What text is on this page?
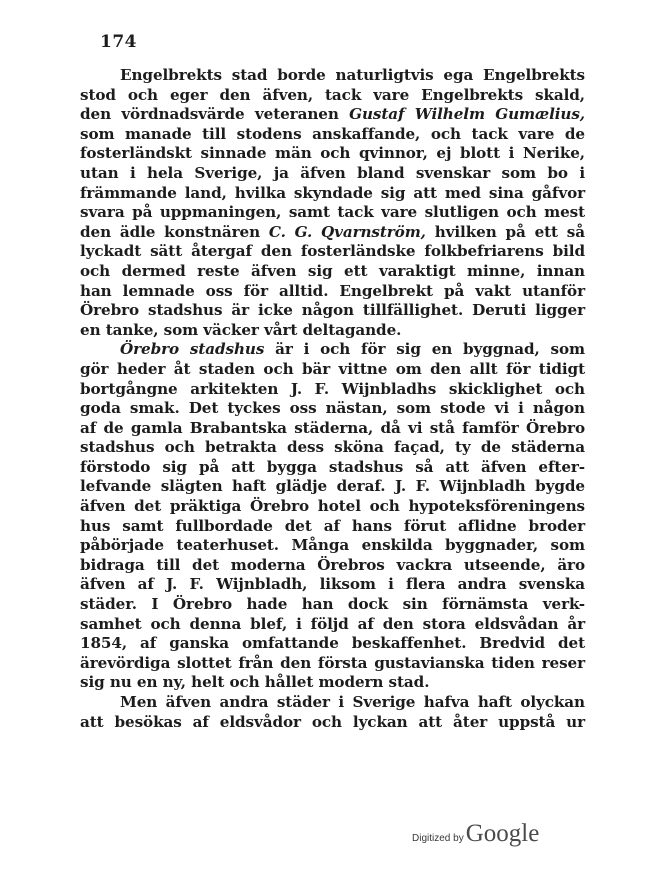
174
Engelbrekts stad borde naturligtvis ega Engelbrekts
stod och eger den äfven, tack vare Engelbrekts skald,
den vördnadsvärde veteranen Gustaf Wilhelm Gumælius,
som manade till stodens anskaffande, och tack vare de
fosterländskt sinnade män och qvinnor, ej blott i Nerike,
utan i hela Sverige, ja äfven bland svenskar som bo i
främmande land, hvilka skyndade sig att med sina gåfvor
svara på uppmaningen, samt tack vare slutligen och mest
den ädle konstnären C. G. Qvarnström, hvilken på ett så
lyckadt sätt återgaf den fosterländske folkbefriarens bild
och dermed reste äfven sig ett varaktigt minne, innan
han lemnade oss för alltid. Engelbrekt på vakt utanför
Örebro stadshus är icke någon tillfällighet. Deruti ligger
en tanke, som väcker vårt deltagande.
Örebro stadshus är i och för sig en byggnad, som
gör heder åt staden och bär vittne om den allt för tidigt
bortgångne arkitekten J. F. Wijnbladhs skicklighet och
goda smak. Det tyckes oss nästan, som stode vi i någon
af de gamla Brabantska städerna, då vi stå famför Örebro
stadshus och betrakta dess sköna façad, ty de städerna
förstodo sig på att bygga stadshus så att äfven efter-
lefvande slägten haft glädje deraf. J. F. Wijnbladh bygde
äfven det präktiga Örebro hotel och hypoteksföreningens
hus samt fullbordade det af hans förut aflidne broder
påbörjade teaterhuset. Många enskilda byggnader, som
bidraga till det moderna Örebros vackra utseende, äro
äfven af J. F. Wijnbladh, liksom i flera andra svenska
städer. I Örebro hade han dock sin förnämsta verk-
samhet och denna blef, i följd af den stora eldsvådan år
1854, af ganska omfattande beskaffenhet. Bredvid det
ärevördiga slottet från den första gustavianska tiden reser
sig nu en ny, helt och hållet modern stad.
Men äfven andra städer i Sverige hafva haft olyckan
att besökas af eldsvådor och lyckan att åter uppstå ur
Digitized by Google
